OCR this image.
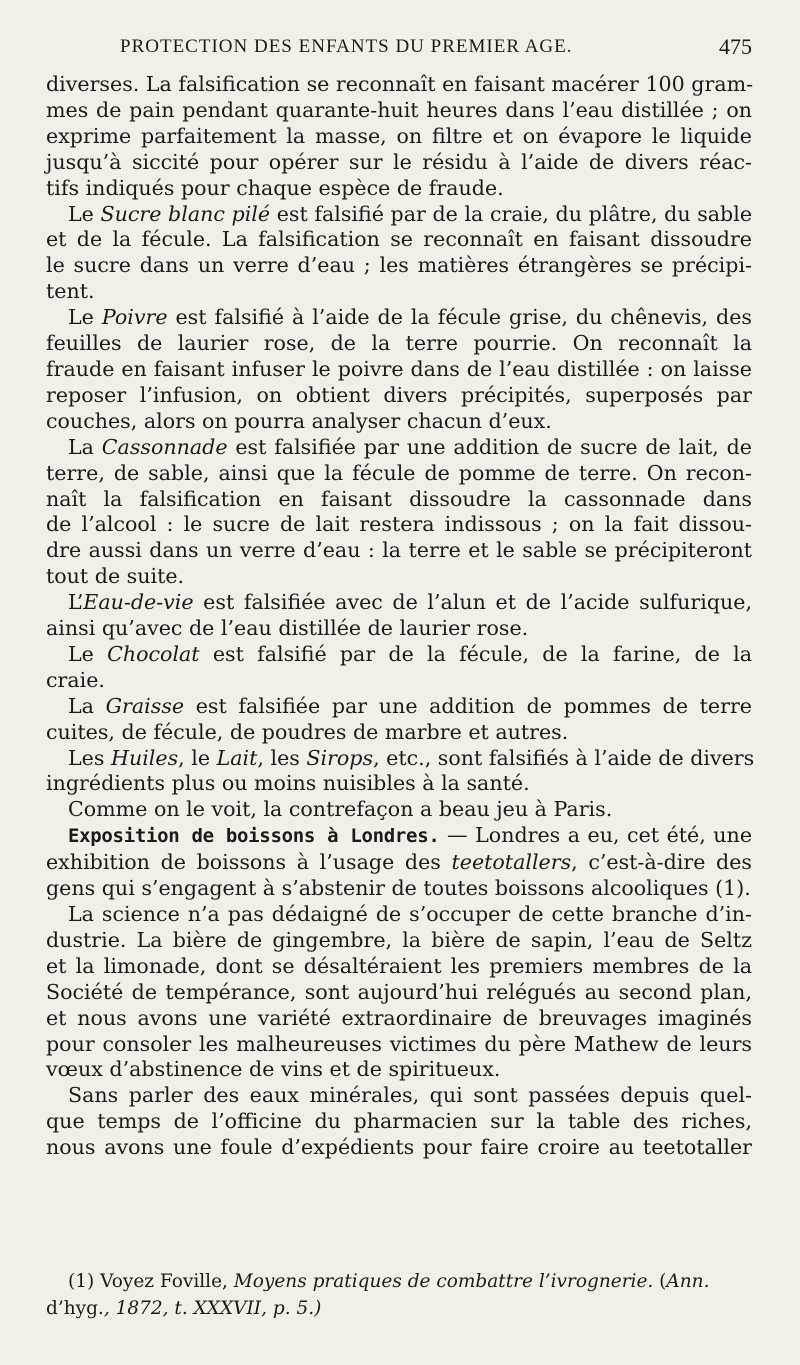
PROTECTION DES ENFANTS DU PREMIER AGE.	475
diverses. La falsification se reconnaît en faisant macérer 100 gram-
mes de pain pendant quarante-huit heures dans l’eau distillée ; on
exprime parfaitement la masse, on filtre et on évapore le liquide
jusqu’à siccité pour opérer sur le résidu à l’aide de divers réac-
tifs indiqués pour chaque espèce de fraude.
Le Sucre blanc pilé est falsifié par de la craie, du plâtre, du sable
et de la fécule. La falsification se reconnaît en faisant dissoudre
le sucre dans un verre d’eau ; les matières étrangères se précipi-
tent.
Le Poivre est falsifié à l’aide de la fécule grise, du chênevis, des
feuilles de laurier rose, de la terre pourrie. On reconnaît la
fraude en faisant infuser le poivre dans de l’eau distillée : on laisse
reposer l’infusion, on obtient divers précipités, superposés par
couches, alors on pourra analyser chacun d’eux.
La Cassonnade est falsifiée par une addition de sucre de lait, de
terre, de sable, ainsi que la fécule de pomme de terre. On recon-
naît la falsification en faisant dissoudre la cassonnade dans
de l’alcool : le sucre de lait restera indissous ; on la fait dissou-
dre aussi dans un verre d’eau : la terre et le sable se précipiteront
tout de suite.
L’Eau-de-vie est falsifiée avec de l’alun et de l’acide sulfurique,
ainsi qu’avec de l’eau distillée de laurier rose.
Le Chocolat est falsifié par de la fécule, de la farine, de la
craie.
La Graisse est falsifiée par une addition de pommes de terre
cuites, de fécule, de poudres de marbre et autres.
Les Huiles, le Lait, les Sirops, etc., sont falsifiés à l’aide de divers
ingrédients plus ou moins nuisibles à la santé.
Comme on le voit, la contrefaçon a beau jeu à Paris.
Exposition de boissons à Londres. — Londres a eu, cet été, une
exhibition de boissons à l’usage des teetotallers, c’est-à-dire des
gens qui s’engagent à s’abstenir de toutes boissons alcooliques (1).
La science n’a pas dédaigné de s’occuper de cette branche d’in-
dustrie. La bière de gingembre, la bière de sapin, l’eau de Seltz
et la limonade, dont se désaltéraient les premiers membres de la
Société de tempérance, sont aujourd’hui relégués au second plan,
et nous avons une variété extraordinaire de breuvages imaginés
pour consoler les malheureuses victimes du père Mathew de leurs
vœux d’abstinence de vins et de spiritueux.
Sans parler des eaux minérales, qui sont passées depuis quel-
que temps de l’officine du pharmacien sur la table des riches,
nous avons une foule d’expédients pour faire croire au teetotaller
(1) Voyez Foville, Moyens pratiques de combattre l’ivrognerie. (Ann.
d’hyg., 1872, t. XXXVII, p. 5.)
